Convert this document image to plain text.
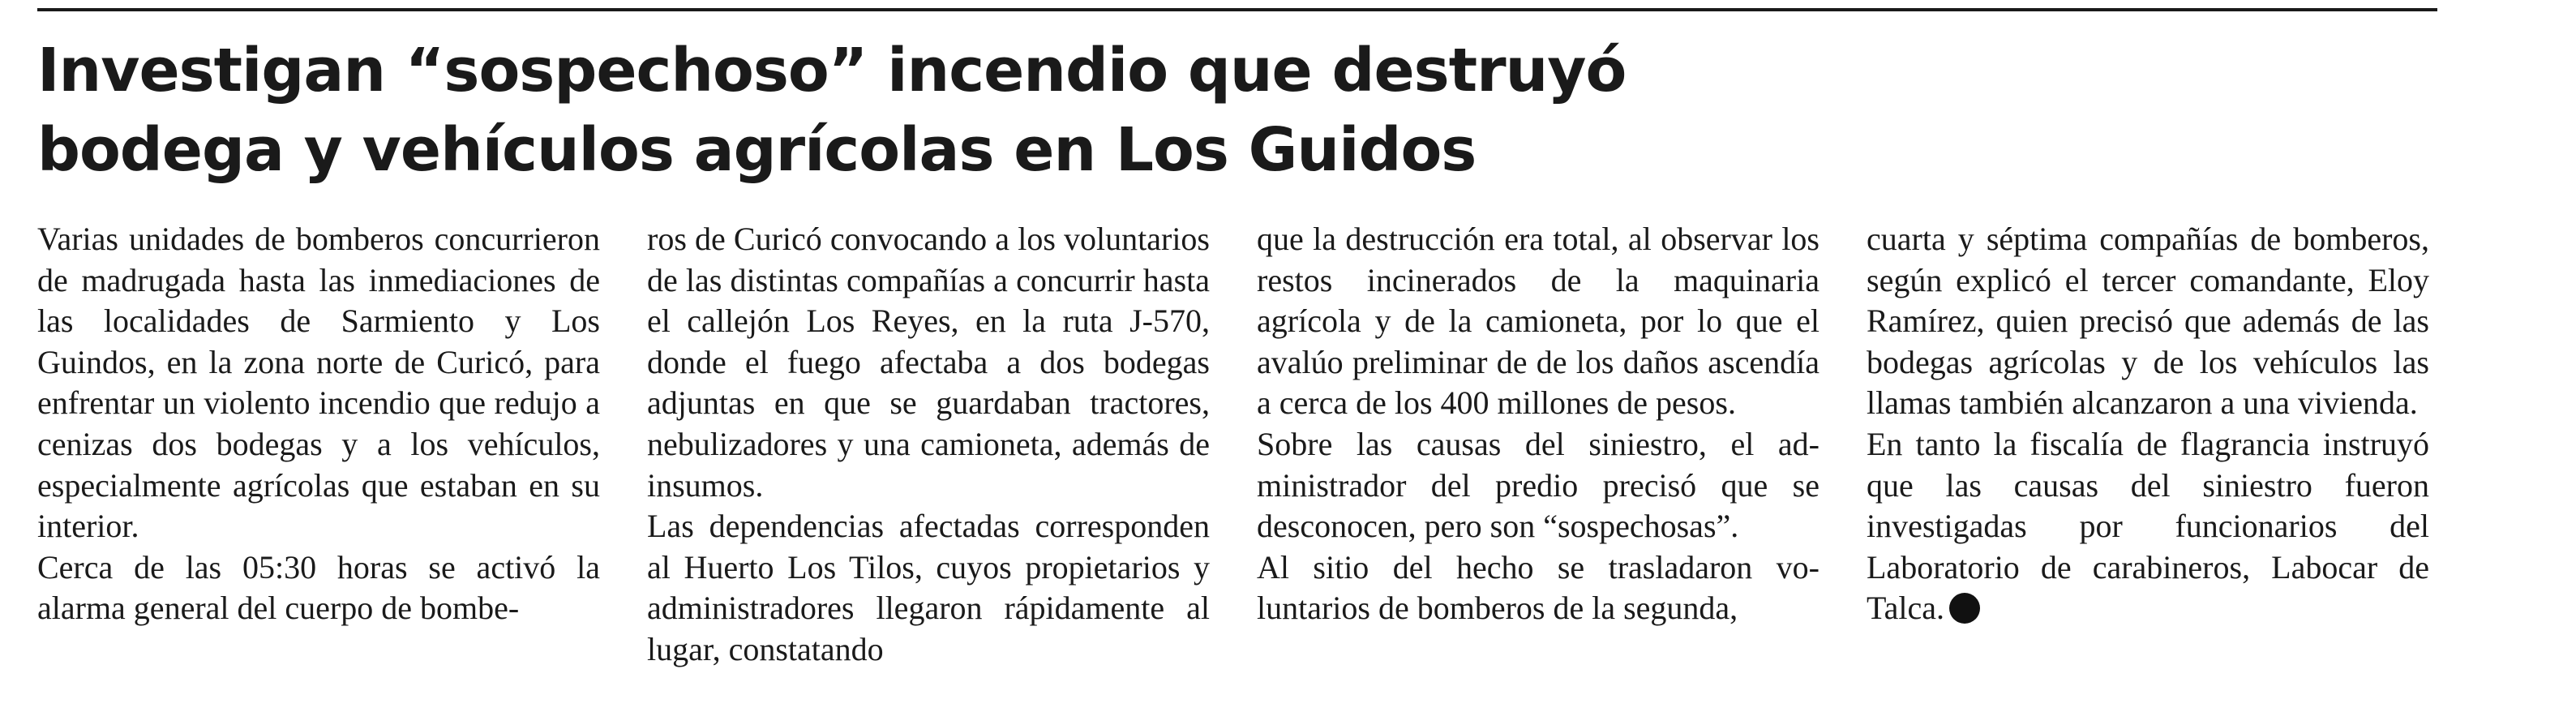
Investigan “sospechoso” incendio que destruyó
bodega y vehículos agrícolas en Los Guidos

Varias unidades de bomberos concurrieron de madrugada hasta las inmediaciones de las localidades de Sarmiento y Los Guindos, en la zona norte de Curicó, para enfrentar un violento incendio que redujo a cenizas dos bodegas y a los vehículos, especialmente agrícolas que estaban en su interior.

Cerca de las 05:30 horas se activó la alarma general del cuerpo de bombe-

ros de Curicó convocando a los voluntarios de las distintas compañías a concurrir hasta el callejón Los Reyes, en la ruta J-570, donde el fuego afectaba a dos bodegas adjuntas en que se guardaban tractores, nebulizadores y una camioneta, además de insumos.

Las dependencias afectadas corresponden al Huerto Los Tilos, cuyos propietarios y administradores llegaron rápidamente al lugar, constatando

que la destrucción era total, al observar los restos incinerados de la maquinaria agrícola y de la camioneta, por lo que el avalúo preliminar de de los daños ascendía a cerca de los 400 millones de pesos.

Sobre las causas del siniestro, el administrador del predio precisó que se desconocen, pero son “sospechosas”.

Al sitio del hecho se trasladaron voluntarios de bomberos de la segunda,

cuarta y séptima compañías de bomberos, según explicó el tercer comandante, Eloy Ramírez, quien precisó que además de las bodegas agrícolas y de los vehículos las llamas también alcanzaron a una vivienda.

En tanto la fiscalía de flagrancia instruyó que las causas del siniestro fueron investigadas por funcionarios del Laboratorio de carabineros, Labocar de Talca.
